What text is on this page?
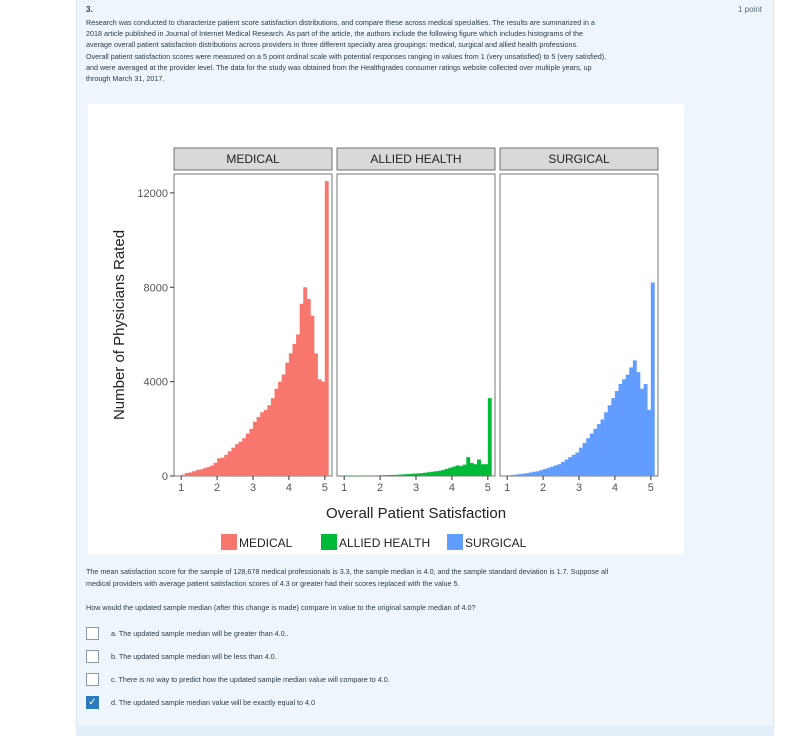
3.	1 point

Research was conducted to characterize patient score satisfaction distributions, and compare these across medical specialties. The results are summarized in a

2018 article published in Journal of Internet Medical Research. As part of the article, the authors include the following figure which includes histograms of the

average overall patient satisfaction distributions across providers in three different specialty area groupings: medical, surgical and allied health professions.

Overall patient satisfaction scores were measured on a 5 point ordinal scale with potential responses ranging in values from 1 (very unsatisfied) to 5 (very satisfied),

and were averaged at the provider level. The data for the study was obtained from the Healthgrades consumer ratings website collected over multiple years, up

through March 31, 2017.

Number of Physicians Rated
0
4000
8000
12000
MEDICAL
1	2	3	4	5
ALLIED HEALTH
1	2	3	4	5
SURGICAL
1	2	3	4	5
Overall Patient Satisfaction
MEDICAL	ALLIED HEALTH	SURGICAL
The mean satisfaction score for the sample of 128,678 medical professionals is 3.3, the sample median is 4.0, and the sample standard deviation is 1.7. Suppose all
medical providers with average patient satisfaction scores of 4.3 or greater had their scores replaced with the value 5.
How would the updated sample median (after this change is made) compare in value to the original sample median of 4.0?
a. The updated sample median will be greater than 4.0..
b. The updated sample median will be less than 4.0.
c. There is no way to predict how the updated sample median value will compare to 4.0.
✓	d. The updated sample median value will be exactly equal to 4.0
